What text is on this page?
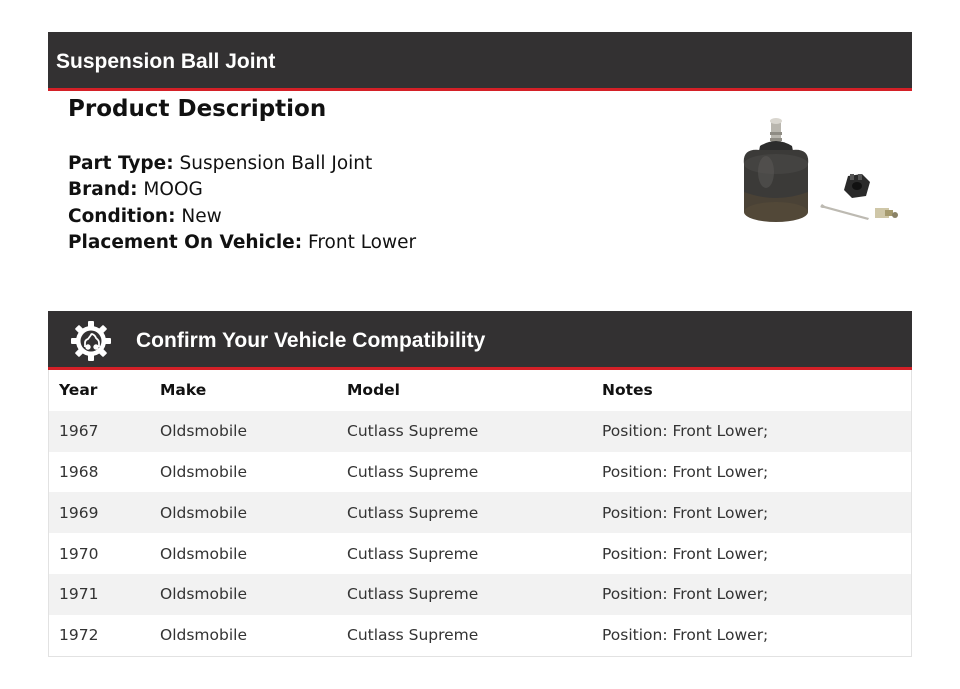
Suspension Ball Joint
Product Description
Part Type: Suspension Ball Joint
Brand: MOOG
Condition: New
Placement On Vehicle: Front Lower
Confirm Your Vehicle Compatibility
Year	Make	Model	Notes
1967	Oldsmobile	Cutlass Supreme	Position: Front Lower;
1968	Oldsmobile	Cutlass Supreme	Position: Front Lower;
1969	Oldsmobile	Cutlass Supreme	Position: Front Lower;
1970	Oldsmobile	Cutlass Supreme	Position: Front Lower;
1971	Oldsmobile	Cutlass Supreme	Position: Front Lower;
1972	Oldsmobile	Cutlass Supreme	Position: Front Lower;
